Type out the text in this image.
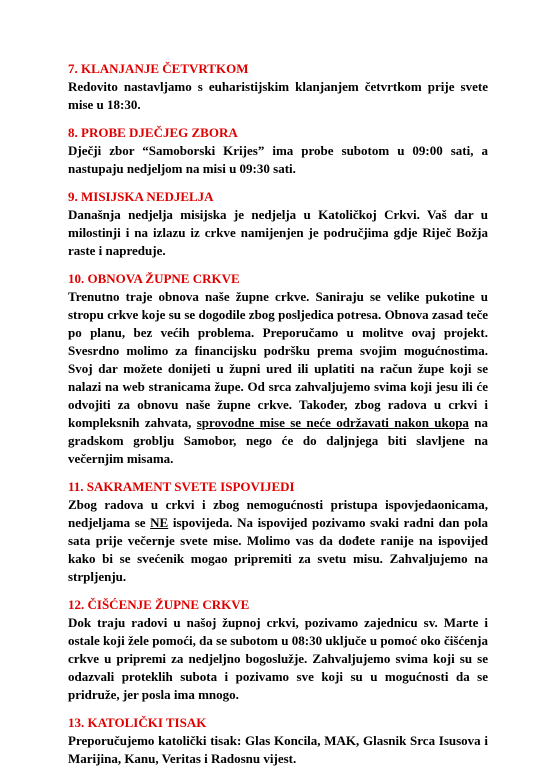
7. KLANJANJE ČETVRTKOM

Redovito nastavljamo s euharistijskim klanjanjem četvrtkom prije svete mise u 18:30.

8. PROBE DJEČJEG ZBORA

Dječji zbor “Samoborski Krijes” ima probe subotom u 09:00 sati, a nastupaju nedjeljom na misi u 09:30 sati.

9. MISIJSKA NEDJELJA

Današnja nedjelja misijska je nedjelja u Katoličkoj Crkvi. Vaš dar u milostinji i na izlazu iz crkve namijenjen je područjima gdje Riječ Božja raste i napreduje.

10. OBNOVA ŽUPNE CRKVE

Trenutno traje obnova naše župne crkve. Saniraju se velike pukotine u stropu crkve koje su se dogodile zbog posljedica potresa. Obnova zasad teče po planu, bez većih problema. Preporučamo u molitve ovaj projekt. Svesrdno molimo za financijsku podršku prema svojim mogućnostima. Svoj dar možete donijeti u župni ured ili uplatiti na račun župe koji se nalazi na web stranicama župe. Od srca zahvaljujemo svima koji jesu ili će odvojiti za obnovu naše župne crkve. Također, zbog radova u crkvi i kompleksnih zahvata, sprovodne mise se neće održavati nakon ukopa na gradskom groblju Samobor, nego će do daljnjega biti slavljene na večernjim misama.

11. SAKRAMENT SVETE ISPOVIJEDI

Zbog radova u crkvi i zbog nemogućnosti pristupa ispovjedaonicama, nedjeljama se NE ispovijeda. Na ispovijed pozivamo svaki radni dan pola sata prije večernje svete mise. Molimo vas da dođete ranije na ispovijed kako bi se svećenik mogao pripremiti za svetu misu. Zahvaljujemo na strpljenju.

12. ČIŠĆENJE ŽUPNE CRKVE

Dok traju radovi u našoj župnoj crkvi, pozivamo zajednicu sv. Marte i ostale koji žele pomoći, da se subotom u 08:30 uključe u pomoć oko čišćenja crkve u pripremi za nedjeljno bogoslužje. Zahvaljujemo svima koji su se odazvali proteklih subota i pozivamo sve koji su u mogućnosti da se pridruže, jer posla ima mnogo.

13. KATOLIČKI TISAK

Preporučujemo katolički tisak: Glas Koncila, MAK, Glasnik Srca Isusova i Marijina, Kanu, Veritas i Radosnu vijest.
